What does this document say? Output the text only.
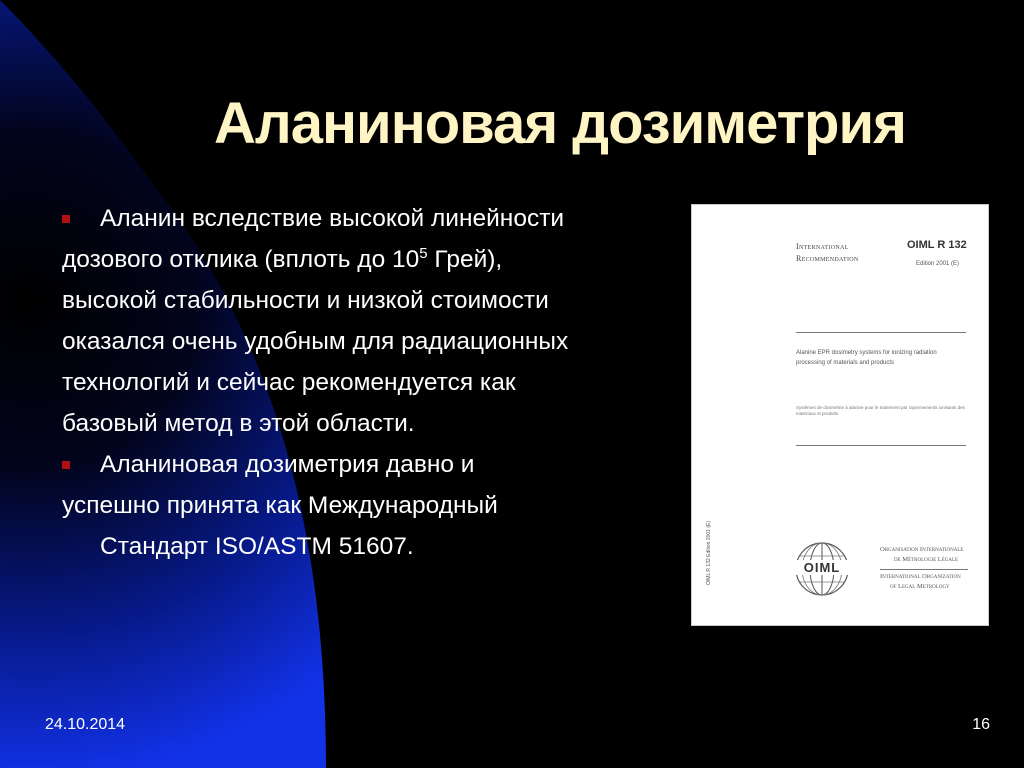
Аланиновая дозиметрия
Аланин вследствие высокой линейности
дозового отклика (вплоть до $10^5$ Грей),
высокой стабильности и низкой стоимости
оказался очень удобным для радиационных
технологий и сейчас рекомендуется как
базовый метод в этой области.
Аланиновая дозиметрия давно и
успешно принята как Международный
Стандарт ISO/ASTM 51607.
International
Recommendation
OIML R 132
Edition 2001 (E)
Alanine EPR dosimetry systems for ionizing radiation processing of materials and products
Systèmes de dosimétrie à alanine pour le traitement par rayonnements ionisants des matériaux et produits
OIML R 132 Edition 2001 (E)	OIML
Organisation Internationale
de Métrologie Légale
International Organization
of Legal Metrology
24.10.2014	16
